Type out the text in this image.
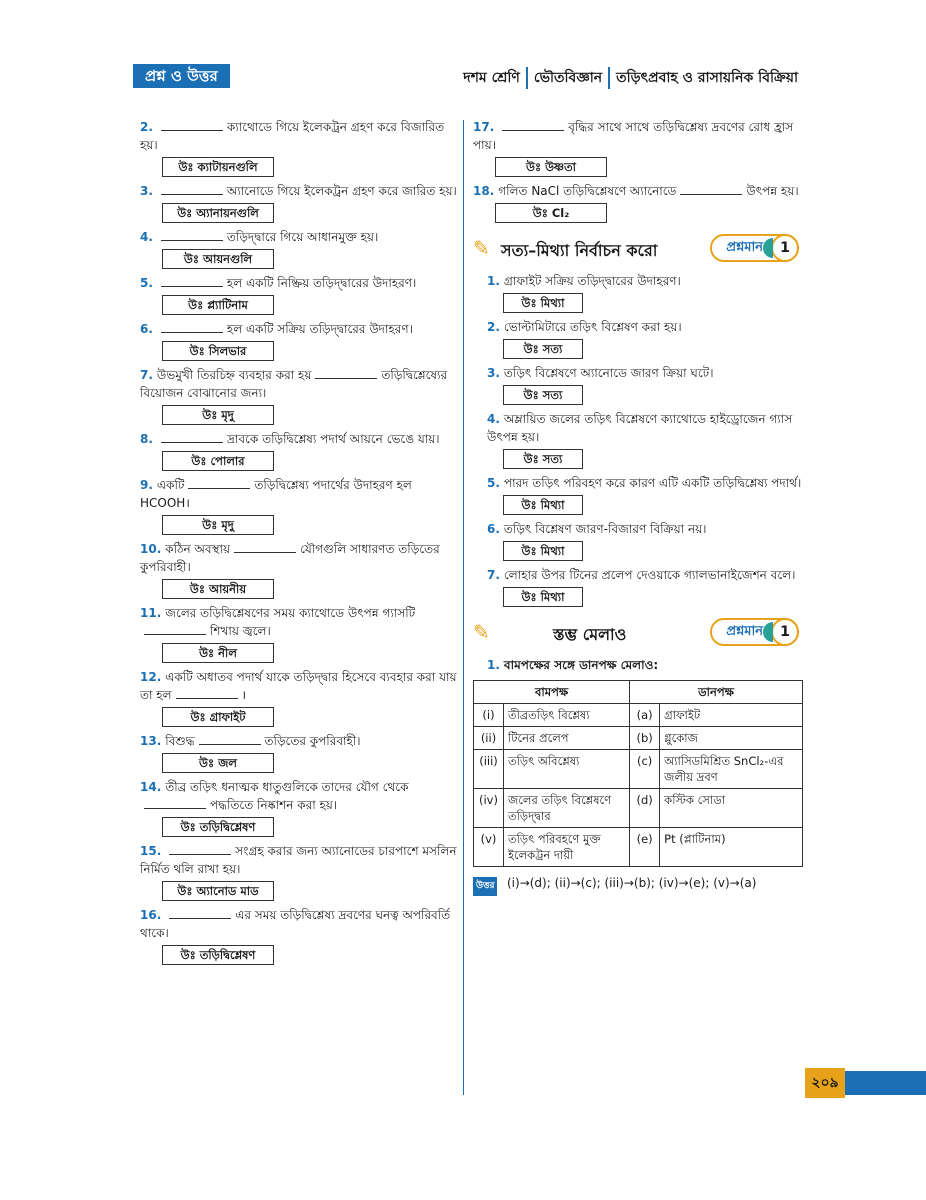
প্রশ্ন ও উত্তর	দশম শ্রেণি ভৌতবিজ্ঞান তড়িৎপ্রবাহ ও রাসায়নিক বিক্রিয়া
2.	ক্যাথোডে গিয়ে ইলেকট্রন গ্রহণ করে বিজারিত হয়।
উঃ ক্যাটায়নগুলি
3.	অ্যানোডে গিয়ে ইলেকট্রন গ্রহণ করে জারিত হয়।
উঃ অ্যানায়নগুলি
4.	তড়িদ্দ্বারে গিয়ে আধানমুক্ত হয়।
উঃ আয়নগুলি
5.	হল একটি নিষ্ক্রিয় তড়িদ্দ্বারের উদাহরণ।
উঃ প্ল্যাটিনাম
6.	হল একটি সক্রিয় তড়িদ্দ্বারের উদাহরণ।
উঃ সিলভার
7. উভমুখী তিরচিহ্ন ব্যবহার করা হয়	তড়িদ্বিশ্লেষ্যের বিয়োজন বোঝানোর জন্য।
উঃ মৃদু
8.	দ্রাবকে তড়িদ্বিশ্লেষ্য পদার্থ আয়নে ভেঙে যায়।
উঃ পোলার
9. একটি	তড়িদ্বিশ্লেষ্য পদার্থের উদাহরণ হল HCOOH।
উঃ মৃদু
10. কঠিন অবস্থায়	যৌগগুলি সাধারণত তড়িতের কুপরিবাহী।
উঃ আয়নীয়
11. জলের তড়িদ্বিশ্লেষণের সময় ক্যাথোডে উৎপন্ন গ্যাসটিশিখায় জ্বলে।
উঃ নীল
12. একটি অধাতব পদার্থ যাকে তড়িদ্দ্বার হিসেবে ব্যবহার করা যায় তা হল	।
উঃ গ্রাফাইট
13. বিশুদ্ধ	তড়িতের কুপরিবাহী।
উঃ জল
14. তীব্র তড়িৎ ধনাত্মক ধাতুগুলিকে তাদের যৌগ থেকেপদ্ধতিতে নিষ্কাশন করা হয়।
উঃ তড়িদ্বিশ্লেষণ
15.	সংগ্রহ করার জন্য অ্যানোডের চারপাশে মসলিন নির্মিত থলি রাখা হয়।
উঃ অ্যানোড মাড
16.	এর সময় তড়িদ্বিশ্লেষ্য দ্রবণের ঘনত্ব অপরিবর্তি থাকে।
উঃ তড়িদ্বিশ্লেষণ
17.	বৃদ্ধির সাথে সাথে তড়িদ্বিশ্লেষ্য দ্রবণের রোধ হ্রাস পায়।
উঃ উষ্ণতা
18. গলিত NaCl তড়িদ্বিশ্লেষণে অ্যানোডে	উৎপন্ন হয়।
উঃ Cl₂
✎ সত্য–মিথ্যা নির্বাচন করো	প্রশ্নমান	1
1. গ্রাফাইট সক্রিয় তড়িদ্দ্বারের উদাহরণ।
উঃ মিথ্যা
2. ভোল্টামিটারে তড়িৎ বিশ্লেষণ করা হয়।
উঃ সত্য
3. তড়িৎ বিশ্লেষণে অ্যানোডে জারণ ক্রিয়া ঘটে।
উঃ সত্য
4. অম্লায়িত জলের তড়িৎ বিশ্লেষণে ক্যাথোডে হাইড্রোজেন গ্যাস উৎপন্ন হয়।
উঃ সত্য
5. পারদ তড়িৎ পরিবহণ করে কারণ এটি একটি তড়িদ্বিশ্লেষ্য পদার্থ।
উঃ মিথ্যা
6. তড়িৎ বিশ্লেষণ জারণ-বিজারণ বিক্রিয়া নয়।
উঃ মিথ্যা
7. লোহার উপর টিনের প্রলেপ দেওয়াকে গ্যালভানাইজেশন বলে।
উঃ মিথ্যা
✎	স্তম্ভ মেলাও	প্রশ্নমান	1
1. বামপক্ষের সঙ্গে ডানপক্ষ মেলাও:
বামপক্ষ		ডানপক্ষ	
(i)	তীব্রতড়িৎ বিশ্লেষ্য	(a)	গ্রাফাইট
(ii)	টিনের প্রলেপ	(b)	গ্লুকোজ
(iii)	তড়িৎ অবিশ্লেষ্য	(c)	অ্যাসিডমিশ্রিত SnCl₂-এর জলীয় দ্রবণ
(iv)	জলের তড়িৎ বিশ্লেষণে তড়িদ্দ্বার	(d)	কস্টিক সোডা
(v)	তড়িৎ পরিবহণে মুক্ত ইলেকট্রন দায়ী	(e)	Pt (প্লাটিনাম)
উত্তর (i)→(d); (ii)→(c); (iii)→(b); (iv)→(e); (v)→(a)
২০৯
